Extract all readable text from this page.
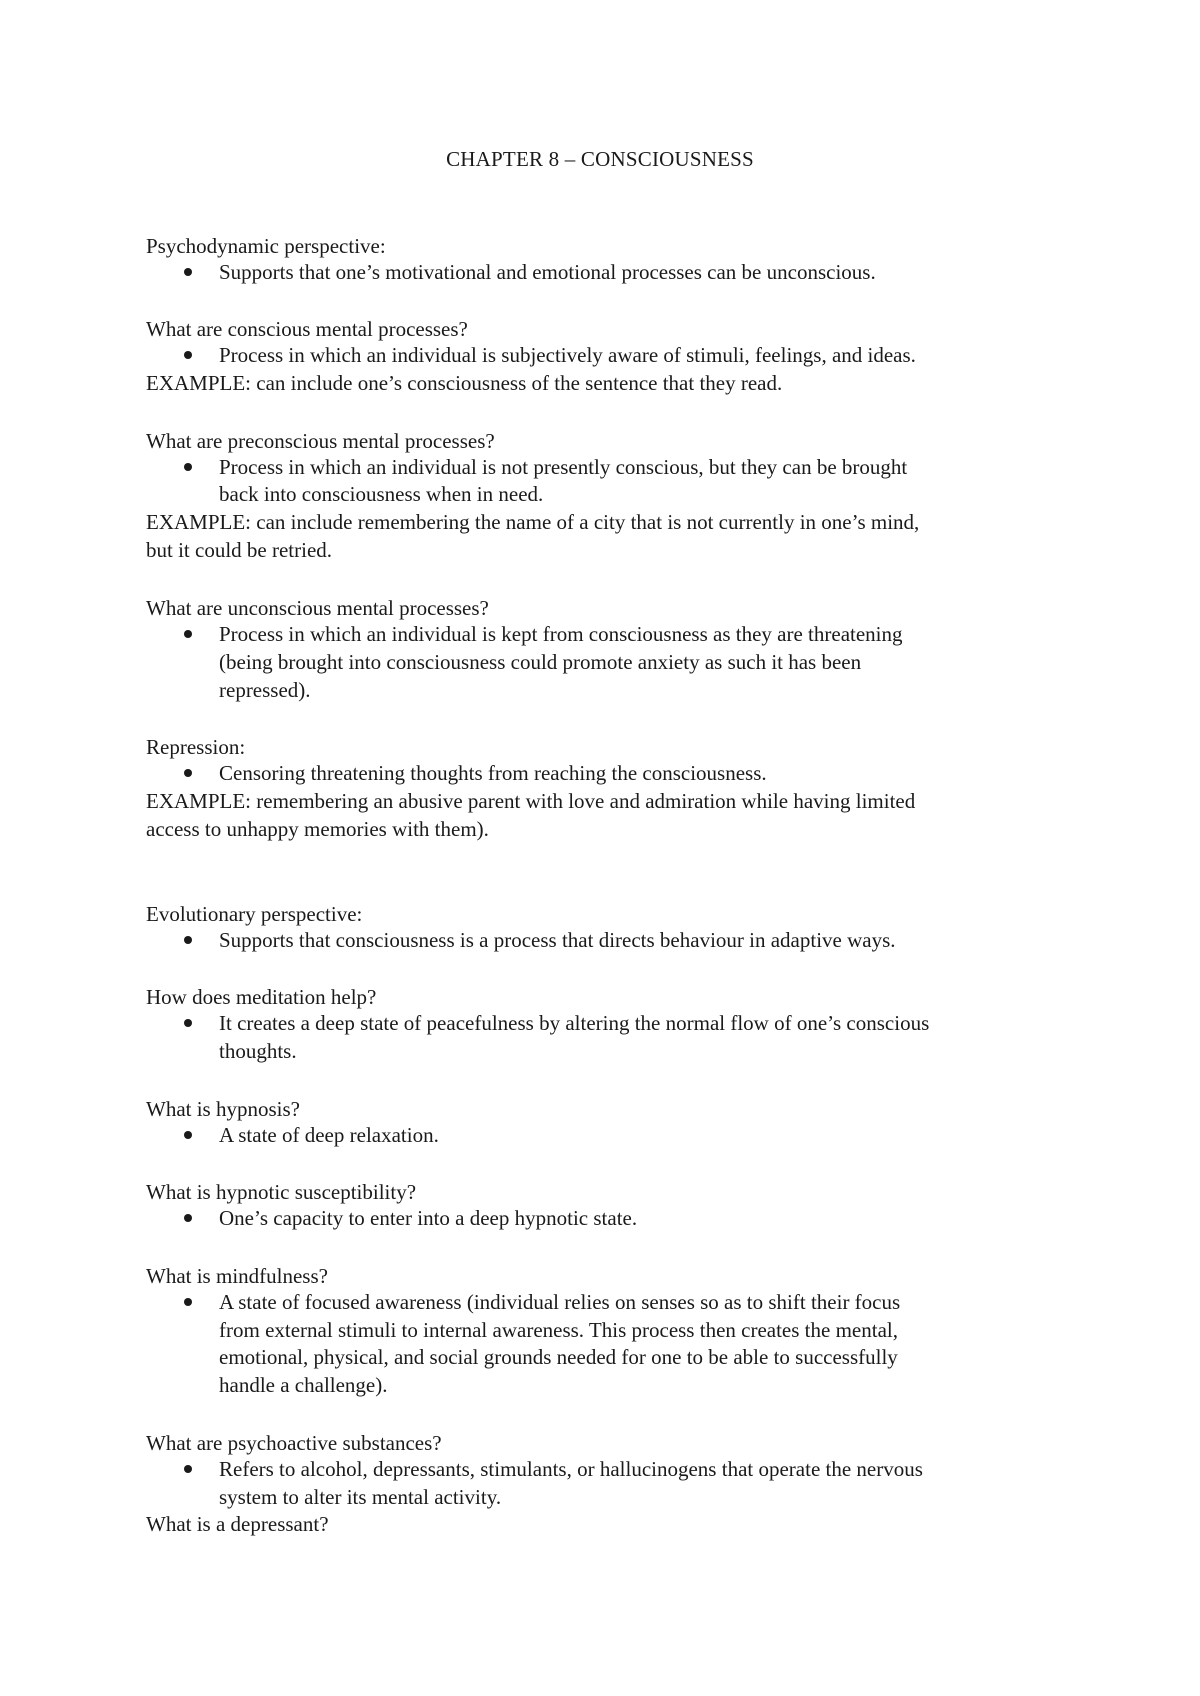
CHAPTER 8 – CONSCIOUSNESS
Psychodynamic perspective:
Supports that one’s motivational and emotional processes can be unconscious.
What are conscious mental processes?
Process in which an individual is subjectively aware of stimuli, feelings, and ideas.
EXAMPLE: can include one’s consciousness of the sentence that they read.
What are preconscious mental processes?
Process in which an individual is not presently conscious, but they can be brought
back into consciousness when in need.
EXAMPLE: can include remembering the name of a city that is not currently in one’s mind,
but it could be retried.
What are unconscious mental processes?
Process in which an individual is kept from consciousness as they are threatening
(being brought into consciousness could promote anxiety as such it has been
repressed).
Repression:
Censoring threatening thoughts from reaching the consciousness.
EXAMPLE: remembering an abusive parent with love and admiration while having limited
access to unhappy memories with them).
Evolutionary perspective:
Supports that consciousness is a process that directs behaviour in adaptive ways.
How does meditation help?
It creates a deep state of peacefulness by altering the normal flow of one’s conscious
thoughts.
What is hypnosis?
A state of deep relaxation.
What is hypnotic susceptibility?
One’s capacity to enter into a deep hypnotic state.
What is mindfulness?
A state of focused awareness (individual relies on senses so as to shift their focus
from external stimuli to internal awareness. This process then creates the mental,
emotional, physical, and social grounds needed for one to be able to successfully
handle a challenge).
What are psychoactive substances?
Refers to alcohol, depressants, stimulants, or hallucinogens that operate the nervous
system to alter its mental activity.
What is a depressant?
